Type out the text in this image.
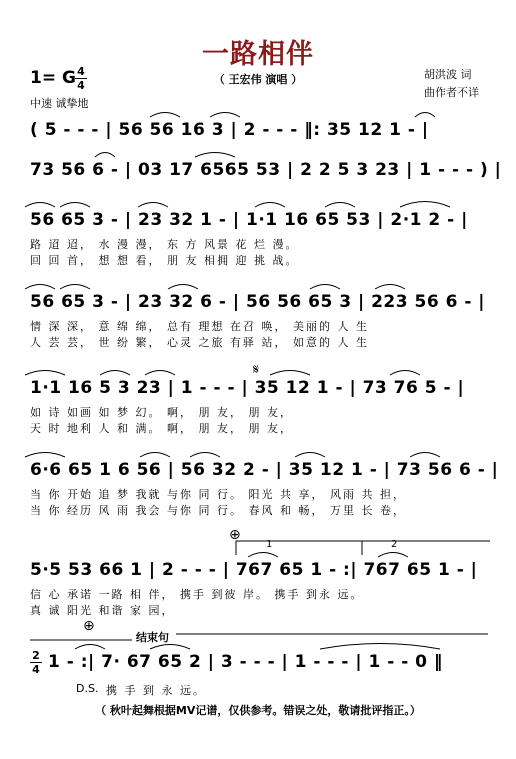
一路相伴
（ 王宏伟 演唱 ）	胡洪波 词
曲作者不详
1= G 4
4
中速 诚挚地
( 5 - - - | 56 56 16 3 | 2 - - - ‖: 35 12 1 - |
73 56 6 - | 03 17 6565 53 | 2 2 5 3 23 | 1 - - - ) |
56 65 3 - | 23 32 1 - | 1·1 16 65 53 | 2·1 2 - |
路 迢 迢， 水 漫 漫， 东 方 风景 花 烂 漫。
回 回 首， 想 想 看， 朋 友 相拥 迎 挑 战。
56 65 3 - | 23 32 6 - | 56 56 65 3 | 223 56 6 - |
情 深 深， 意 绵 绵， 总有 理想 在召 唤， 美丽的 人 生
人 芸 芸， 世 纷 繁， 心灵 之旅 有驿 站， 如意的 人 生
𝄋
1·1 16 5 3 23 | 1 - - - | 35 12 1 - | 73 76 5 - |
如 诗 如画 如 梦 幻。 啊， 朋 友， 朋 友，
天 时 地利 人 和 满。 啊， 朋 友， 朋 友，
6·6 65 1 6 56 | 56 32 2 - | 35 12 1 - | 73 56 6 - |
当 你 开始 追 梦 我就 与你 同 行。 阳光 共 享， 风雨 共 担，
当 你 经历 风 雨 我会 与你 同 行。 春风 和 畅， 万里 长 卷，
⊕
1	2
5·5 53 66 1 | 2 - - - | 767 65 1 - :| 767 65 1 - |
信 心 承诺 一路 相 伴， 携手 到彼 岸。 携手 到永 远。
真 诚 阳光 和谐 家 园，
⊕
结束句
2
4 1 - :| 7· 67 65 2 | 3 - - - | 1 - - - | 1 - - 0 ‖
D.S. 携 手 到 永 远。
（ 秋叶起舞根据MV记谱，仅供参考。错误之处，敬请批评指正。）
